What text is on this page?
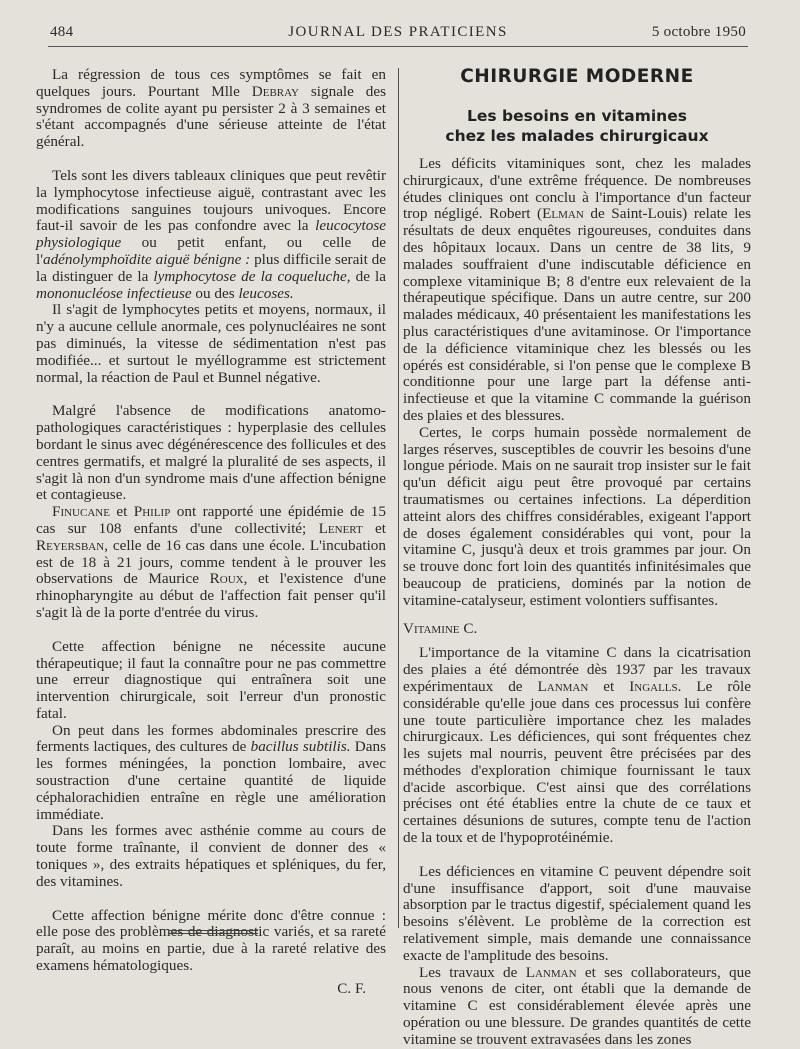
484	JOURNAL DES PRATICIENS	5 octobre 1950

La régression de tous ces symptômes se fait en quelques jours. Pourtant Mlle Debray signale des syndromes de colite ayant pu persister 2 à 3 semaines et s'étant accompagnés d'une sérieuse atteinte de l'état général.

Tels sont les divers tableaux cliniques que peut revêtir la lymphocytose infectieuse aiguë, contrastant avec les modifications sanguines toujours univoques. Encore faut-il savoir de les pas confondre avec la leucocytose physiologique ou petit enfant, ou celle de l'adénolymphoïdite aiguë bénigne : plus difficile serait de la distinguer de la lymphocytose de la coqueluche, de la mononucléose infectieuse ou des leucoses.

Il s'agit de lymphocytes petits et moyens, normaux, il n'y a aucune cellule anormale, ces polynucléaires ne sont pas diminués, la vitesse de sédimentation n'est pas modifiée... et surtout le myéllogramme est strictement normal, la réaction de Paul et Bunnel négative.

Malgré l'absence de modifications anatomo-pathologiques caractéristiques : hyperplasie des cellules bordant le sinus avec dégénérescence des follicules et des centres germatifs, et malgré la pluralité de ses aspects, il s'agit là non d'un syndrome mais d'une affection bénigne et contagieuse.

Finucane et Philip ont rapporté une épidémie de 15 cas sur 108 enfants d'une collectivité; Lenert et Reyersban, celle de 16 cas dans une école. L'incubation est de 18 à 21 jours, comme tendent à le prouver les observations de Maurice Roux, et l'existence d'une rhinopharyngite au début de l'affection fait penser qu'il s'agit là de la porte d'entrée du virus.

Cette affection bénigne ne nécessite aucune thérapeutique; il faut la connaître pour ne pas commettre une erreur diagnostique qui entraînera soit une intervention chirurgicale, soit l'erreur d'un pronostic fatal.

On peut dans les formes abdominales prescrire des ferments lactiques, des cultures de bacillus subtilis. Dans les formes méningées, la ponction lombaire, avec soustraction d'une certaine quantité de liquide céphalorachidien entraîne en règle une amélioration immédiate.

Dans les formes avec asthénie comme au cours de toute forme traînante, il convient de donner des « toniques », des extraits hépatiques et spléniques, du fer, des vitamines.

Cette affection bénigne mérite donc d'être connue : elle pose des problèmes de diagnostic variés, et sa rareté paraît, au moins en partie, due à la rareté relative des examens hématologiques.

C. F.

CHIRURGIE MODERNE
Les besoins en vitamines
chez les malades chirurgicaux

Les déficits vitaminiques sont, chez les malades chirurgicaux, d'une extrême fréquence. De nombreuses études cliniques ont conclu à l'importance d'un facteur trop négligé. Robert (Elman de Saint-Louis) relate les résultats de deux enquêtes rigoureuses, conduites dans des hôpitaux locaux. Dans un centre de 38 lits, 9 malades souffraient d'une indiscutable déficience en complexe vitaminique B; 8 d'entre eux relevaient de la thérapeutique spécifique. Dans un autre centre, sur 200 malades médicaux, 40 présentaient les manifestations les plus caractéristiques d'une avitaminose. Or l'importance de la déficience vitaminique chez les blessés ou les opérés est considérable, si l'on pense que le complexe B conditionne pour une large part la défense anti-infectieuse et que la vitamine C commande la guérison des plaies et des blessures.

Certes, le corps humain possède normalement de larges réserves, susceptibles de couvrir les besoins d'une longue période. Mais on ne saurait trop insister sur le fait qu'un déficit aigu peut être provoqué par certains traumatismes ou certaines infections. La déperdition atteint alors des chiffres considérables, exigeant l'apport de doses également considérables qui vont, pour la vitamine C, jusqu'à deux et trois grammes par jour. On se trouve donc fort loin des quantités infinitésimales que beaucoup de praticiens, dominés par la notion de vitamine-catalyseur, estiment volontiers suffisantes.

Vitamine C.

L'importance de la vitamine C dans la cicatrisation des plaies a été démontrée dès 1937 par les travaux expérimentaux de Lanman et Ingalls. Le rôle considérable qu'elle joue dans ces processus lui confère une toute particulière importance chez les malades chirurgicaux. Les déficiences, qui sont fréquentes chez les sujets mal nourris, peuvent être précisées par des méthodes d'exploration chimique fournissant le taux d'acide ascorbique. C'est ainsi que des corrélations précises ont été établies entre la chute de ce taux et certaines désunions de sutures, compte tenu de l'action de la toux et de l'hypoprotéinémie.

Les déficiences en vitamine C peuvent dépendre soit d'une insuffisance d'apport, soit d'une mauvaise absorption par le tractus digestif, spécialement quand les besoins s'élèvent. Le problème de la correction est relativement simple, mais demande une connaissance exacte de l'amplitude des besoins.

Les travaux de Lanman et ses collaborateurs, que nous venons de citer, ont établi que la demande de vitamine C est considérablement élevée après une opération ou une blessure. De grandes quantités de cette vitamine se trouvent extravasées dans les zones
